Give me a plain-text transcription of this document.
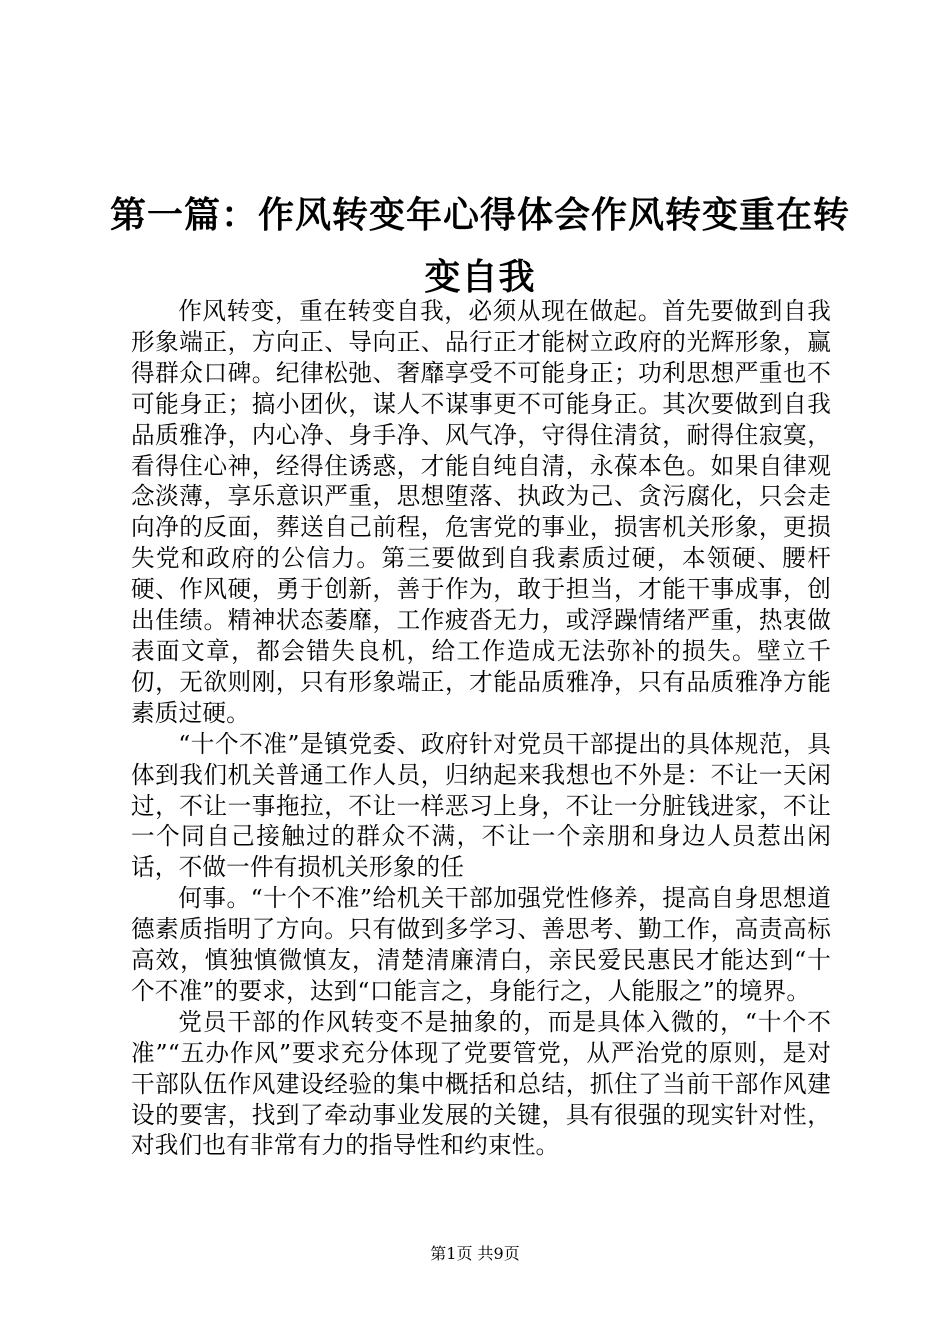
第一篇：作风转变年心得体会作风转变重在转变自我

作风转变，重在转变自我，必须从现在做起。首先要做到自我形象端正，方向正、导向正、品行正才能树立政府的光辉形象，赢得群众口碑。纪律松弛、奢靡享受不可能身正；功利思想严重也不可能身正；搞小团伙，谋人不谋事更不可能身正。其次要做到自我品质雅净，内心净、身手净、风气净，守得住清贫，耐得住寂寞，看得住心神，经得住诱惑，才能自纯自清，永葆本色。如果自律观念淡薄，享乐意识严重，思想堕落、执政为己、贪污腐化，只会走向净的反面，葬送自己前程，危害党的事业，损害机关形象，更损失党和政府的公信力。第三要做到自我素质过硬，本领硬、腰杆硬、作风硬，勇于创新，善于作为，敢于担当，才能干事成事，创出佳绩。精神状态萎靡，工作疲沓无力，或浮躁情绪严重，热衷做表面文章，都会错失良机，给工作造成无法弥补的损失。壁立千仞，无欲则刚，只有形象端正，才能品质雅净，只有品质雅净方能素质过硬。

“十个不准”是镇党委、政府针对党员干部提出的具体规范，具体到我们机关普通工作人员，归纳起来我想也不外是：不让一天闲过，不让一事拖拉，不让一样恶习上身，不让一分脏钱进家，不让一个同自己接触过的群众不满，不让一个亲朋和身边人员惹出闲话，不做一件有损机关形象的任

何事。“十个不准”给机关干部加强党性修养，提高自身思想道德素质指明了方向。只有做到多学习、善思考、勤工作，高责高标高效，慎独慎微慎友，清楚清廉清白，亲民爱民惠民才能达到“十个不准”的要求，达到“口能言之，身能行之，人能服之”的境界。

党员干部的作风转变不是抽象的，而是具体入微的，“十个不准”“五办作风”要求充分体现了党要管党，从严治党的原则，是对干部队伍作风建设经验的集中概括和总结，抓住了当前干部作风建设的要害，找到了牵动事业发展的关键，具有很强的现实针对性，对我们也有非常有力的指导性和约束性。

第1页 共9页
